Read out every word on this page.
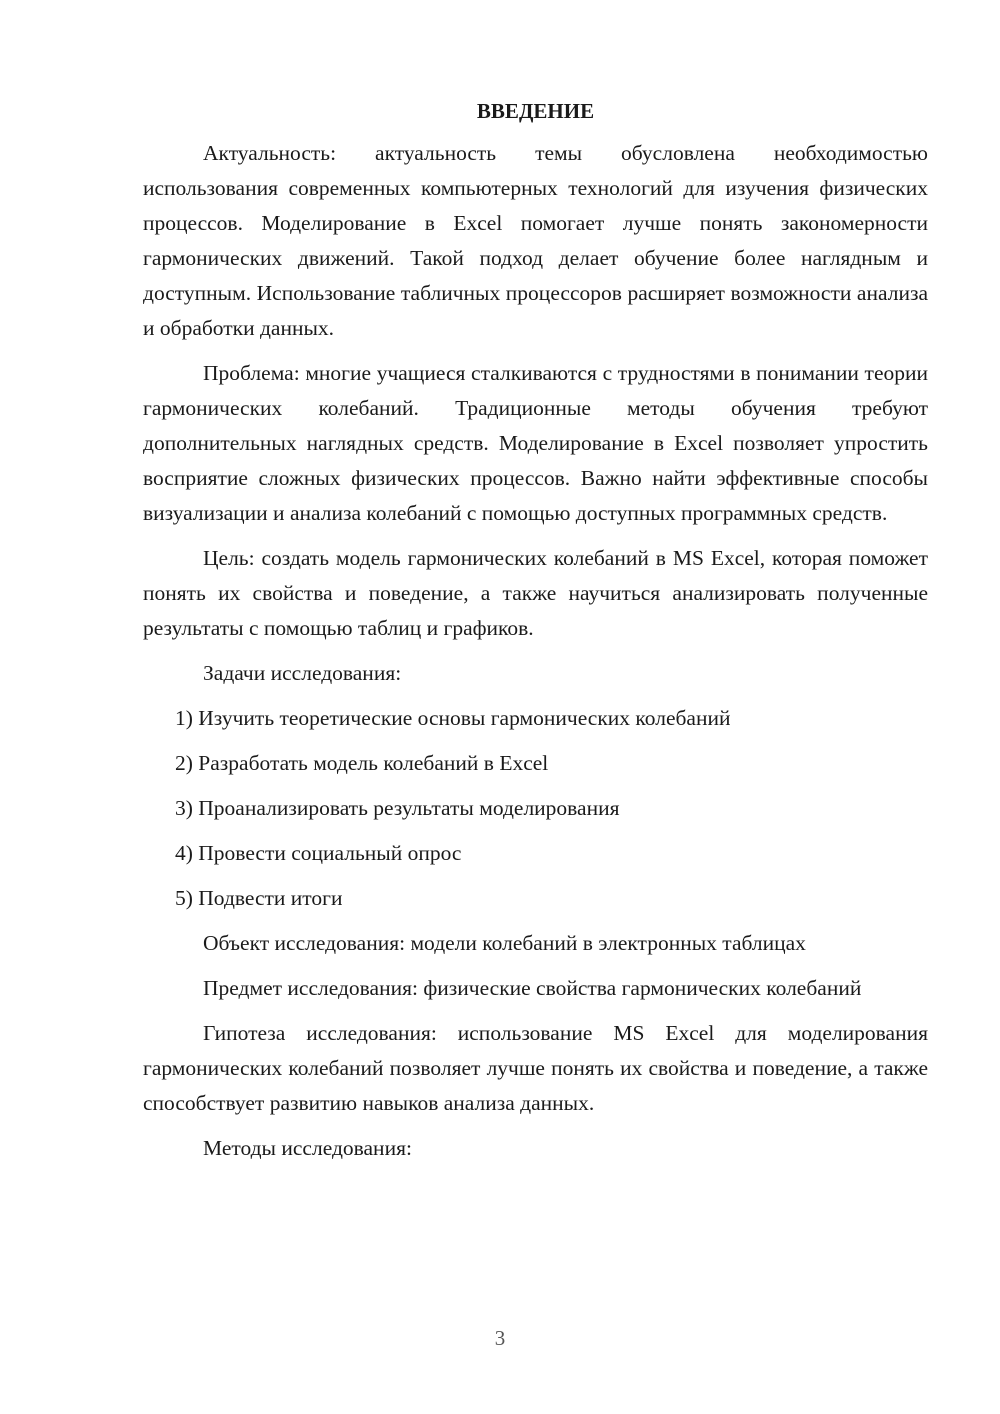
ВВЕДЕНИЕ

Актуальность: актуальность темы обусловлена необходимостью использования современных компьютерных технологий для изучения физических процессов. Моделирование в Excel помогает лучше понять закономерности гармонических движений. Такой подход делает обучение более наглядным и доступным. Использование табличных процессоров расширяет возможности анализа и обработки данных.

Проблема: многие учащиеся сталкиваются с трудностями в понимании теории гармонических колебаний. Традиционные методы обучения требуют дополнительных наглядных средств. Моделирование в Excel позволяет упростить восприятие сложных физических процессов. Важно найти эффективные способы визуализации и анализа колебаний с помощью доступных программных средств.

Цель: создать модель гармонических колебаний в MS Excel, которая поможет понять их свойства и поведение, а также научиться анализировать полученные результаты с помощью таблиц и графиков.

Задачи исследования:

1) Изучить теоретические основы гармонических колебаний
2) Разработать модель колебаний в Excel
3) Проанализировать результаты моделирования
4) Провести социальный опрос
5) Подвести итоги

Объект исследования: модели колебаний в электронных таблицах

Предмет исследования: физические свойства гармонических колебаний

Гипотеза исследования: использование MS Excel для моделирования гармонических колебаний позволяет лучше понять их свойства и поведение, а также способствует развитию навыков анализа данных.

Методы исследования:

3
